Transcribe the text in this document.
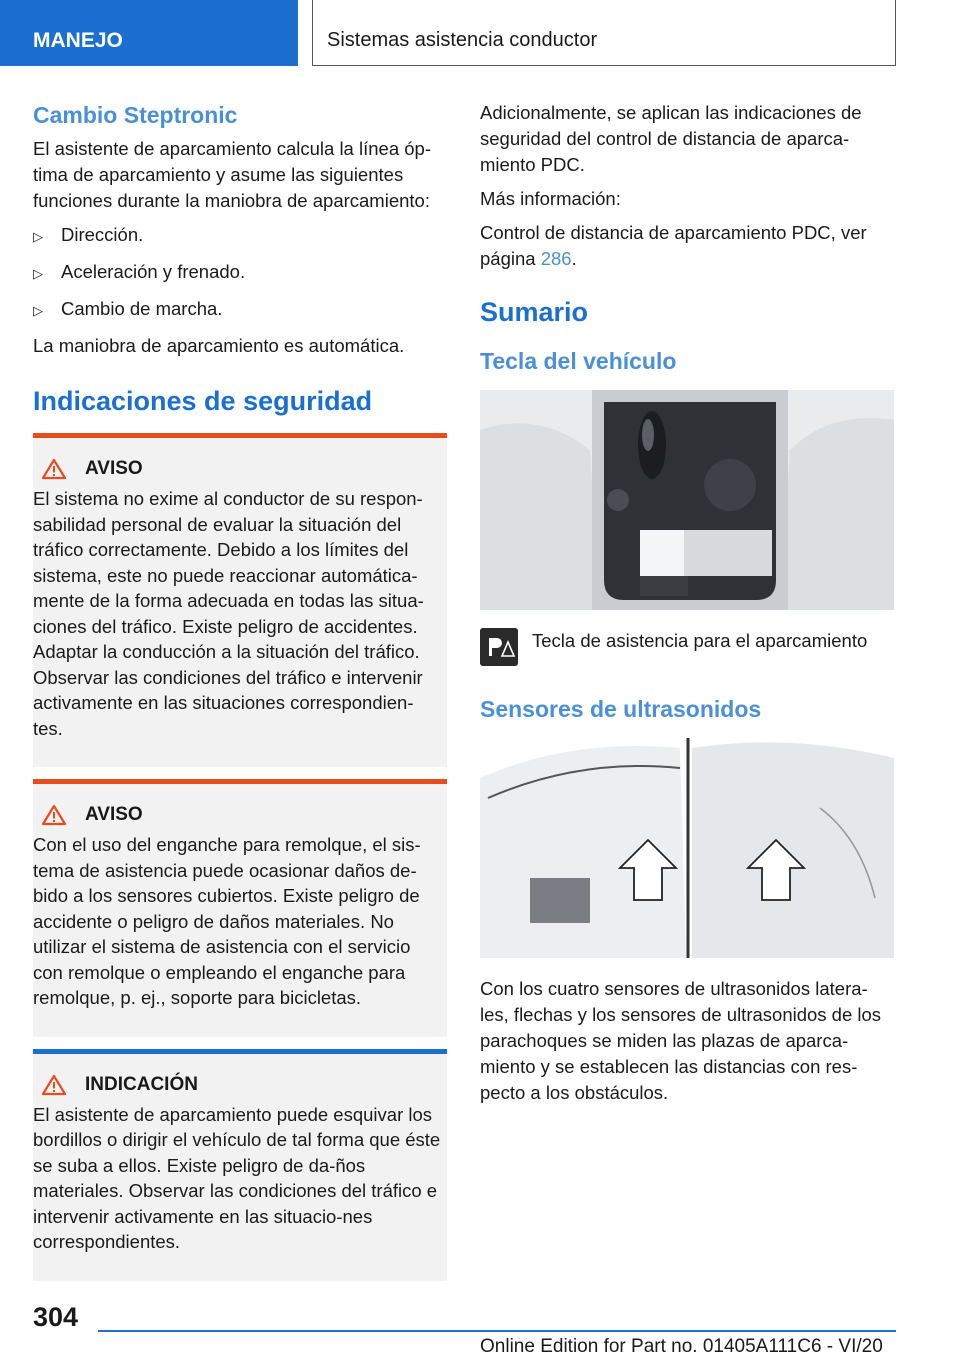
MANEJO	Sistemas asistencia conductor
Cambio Steptronic

El asistente de aparcamiento calcula la línea óp-tima de aparcamiento y asume las siguientes funciones durante la maniobra de aparcamiento:

▷ Dirección.
▷ Aceleración y frenado.
▷ Cambio de marcha.

La maniobra de aparcamiento es automática.

Indicaciones de seguridad
AVISO

El sistema no exime al conductor de su respon-sabilidad personal de evaluar la situación del tráfico correctamente. Debido a los límites del sistema, este no puede reaccionar automática-mente de la forma adecuada en todas las situa-ciones del tráfico. Existe peligro de accidentes. Adaptar la conducción a la situación del tráfico. Observar las condiciones del tráfico e intervenir activamente en las situaciones correspondien-tes.

AVISO

Con el uso del enganche para remolque, el sis-tema de asistencia puede ocasionar daños de-bido a los sensores cubiertos. Existe peligro de accidente o peligro de daños materiales. No utilizar el sistema de asistencia con el servicio con remolque o empleando el enganche para remolque, p. ej., soporte para bicicletas.

INDICACIÓN

El asistente de aparcamiento puede esquivar los bordillos o dirigir el vehículo de tal forma que éste se suba a ellos. Existe peligro de da-ños materiales. Observar las condiciones del tráfico e intervenir activamente en las situacio-nes correspondientes.

Adicionalmente, se aplican las indicaciones de seguridad del control de distancia de aparca-miento PDC.

Más información:

Control de distancia de aparcamiento PDC, ver página 286.

Sumario
Tecla del vehículo
Tecla de asistencia para el aparcamiento
Sensores de ultrasonidos

Con los cuatro sensores de ultrasonidos latera-les, flechas y los sensores de ultrasonidos de los parachoques se miden las plazas de aparca-miento y se establecen las distancias con res-pecto a los obstáculos.

304
Online Edition for Part no. 01405A111C6 - VI/20
